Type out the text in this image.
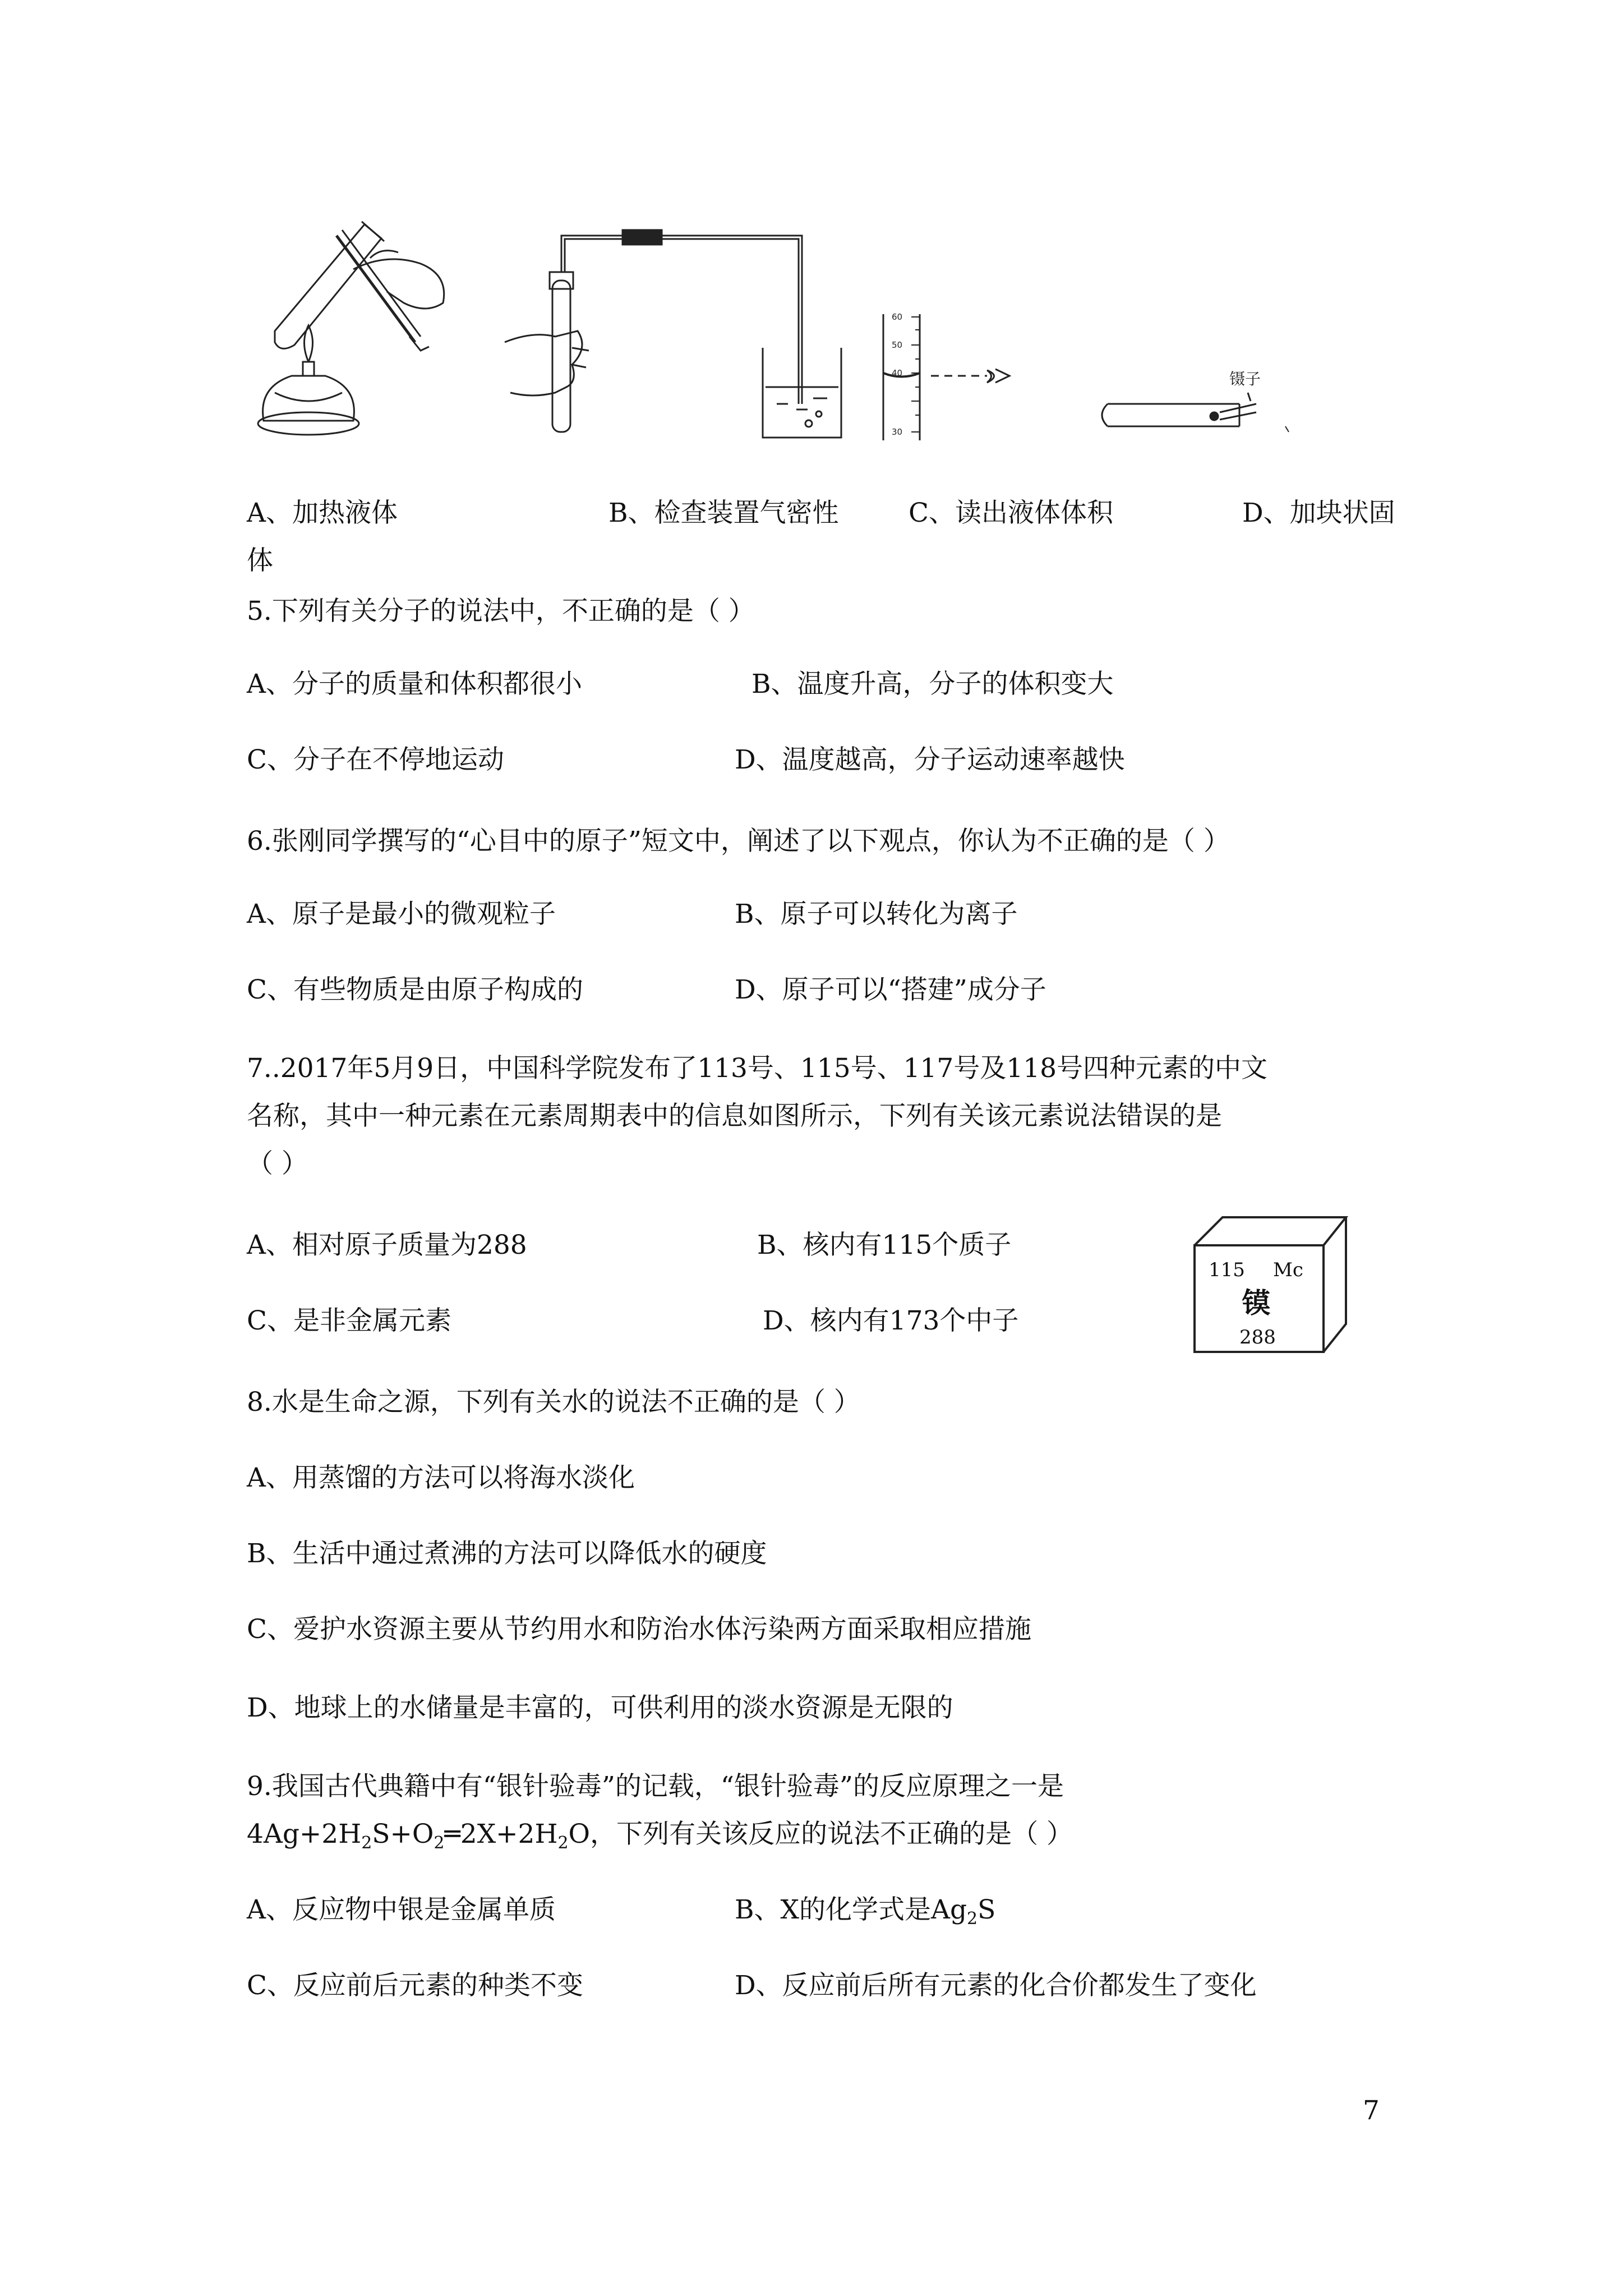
60
50
40
30
镊子
A、加热液体	B、检查装置气密性	C、读出液体体积	D、加块状固
体
5.下列有关分子的说法中，不正确的是（ ）
A、分子的质量和体积都很小	B、温度升高，分子的体积变大
C、分子在不停地运动	D、温度越高，分子运动速率越快
6.张刚同学撰写的“心目中的原子”短文中，阐述了以下观点，你认为不正确的是（ ）
A、原子是最小的微观粒子	B、原子可以转化为离子
C、有些物质是由原子构成的	D、原子可以“搭建”成分子
7..2017年5月9日，中国科学院发布了113号、115号、117号及118号四种元素的中文
名称，其中一种元素在元素周期表中的信息如图所示，下列有关该元素说法错误的是
（ ）
A、相对原子质量为288	B、核内有115个质子
C、是非金属元素	D、核内有173个中子
115 Mc
镆
288
8.水是生命之源，下列有关水的说法不正确的是（ ）
A、用蒸馏的方法可以将海水淡化
B、生活中通过煮沸的方法可以降低水的硬度
C、爱护水资源主要从节约用水和防治水体污染两方面采取相应措施
D、地球上的水储量是丰富的，可供利用的淡水资源是无限的
9.我国古代典籍中有“银针验毒”的记载，“银针验毒”的反应原理之一是
$4Ag+2H_2S+O_2═2X+2H_2O$，下列有关该反应的说法不正确的是（ ）
A、反应物中银是金属单质	B、X的化学式是$Ag_2S$
C、反应前后元素的种类不变	D、反应前后所有元素的化合价都发生了变化
7
